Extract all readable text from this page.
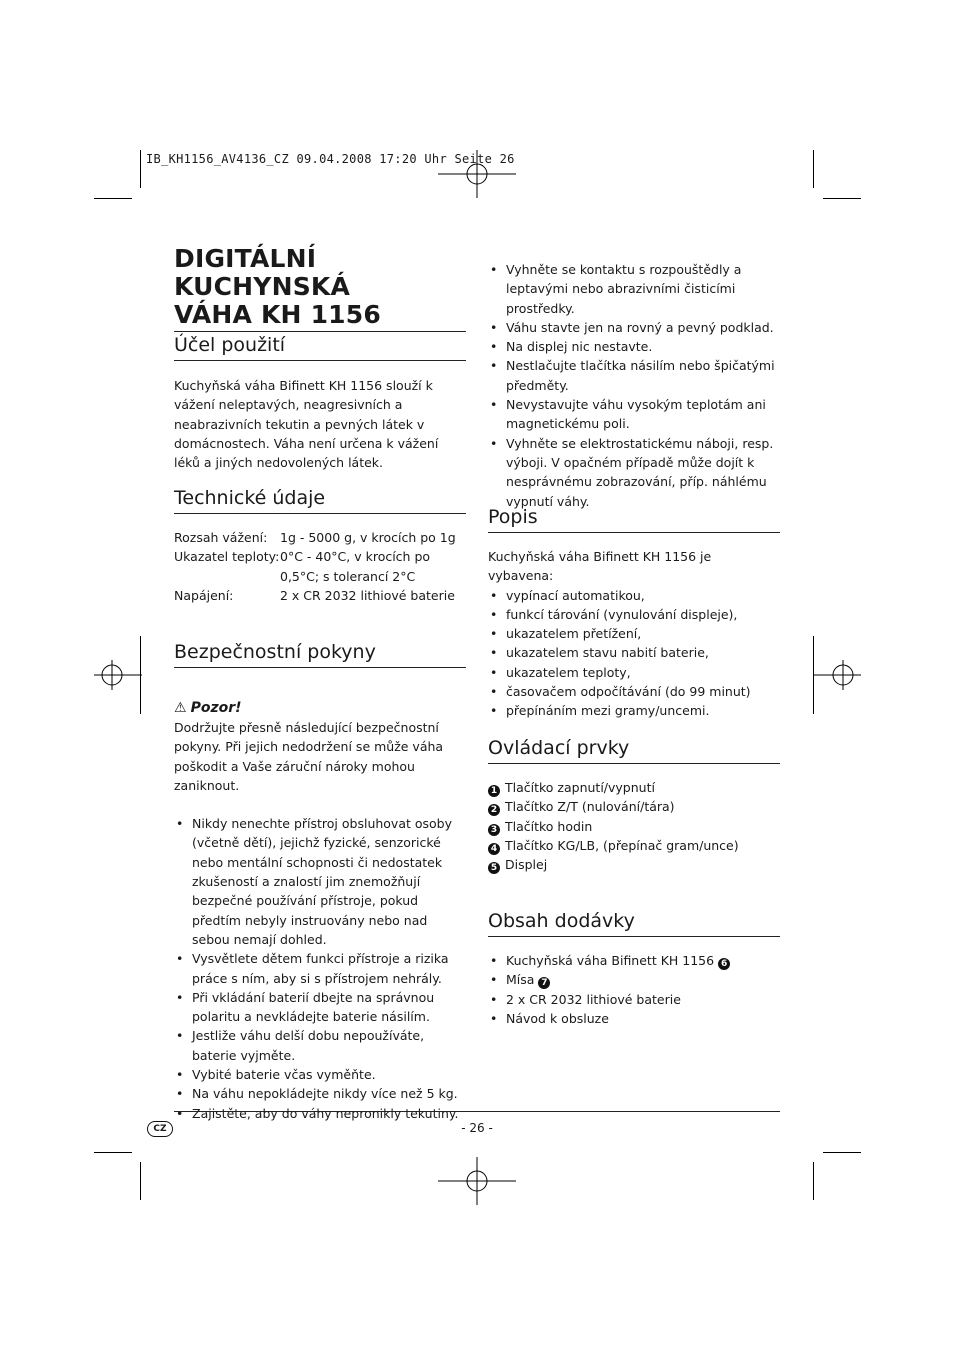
IB_KH1156_AV4136_CZ 09.04.2008 17:20 Uhr Seite 26
DIGITÁLNÍ KUCHYNSKÁ
VÁHA KH 1156
Účel použití

Kuchyňská váha Bifinett KH 1156 slouží k vážení neleptavých, neagresivních a neabrazivních tekutin a pevných látek v domácnostech. Váha není určena k vážení léků a jiných nedovolených látek.

Technické údaje
Rozsah vážení:	1g - 5000 g, v krocích po 1g
Ukazatel teploty: 0°C - 40°C, v krocích po 0,5°C; s tolerancí 2°C
Napájení:	2 x CR 2032 lithiové baterie
Bezpečnostní pokyny
⚠ Pozor!

Dodržujte přesně následující bezpečnostní pokyny. Při jejich nedodržení se může váha poškodit a Vaše záruční nároky mohou zaniknout.

• Nikdy nenechte přístroj obsluhovat osoby (včetně dětí), jejichž fyzické, senzorické nebo mentální schopnosti či nedostatek zkušeností a znalostí jim znemožňují bezpečné používání přístroje, pokud předtím nebyly instruovány nebo nad sebou nemají dohled.
• Vysvětlete dětem funkci přístroje a rizika práce s ním, aby si s přístrojem nehrály.
• Při vkládání baterií dbejte na správnou polaritu a nevkládejte baterie násilím.
• Jestliže váhu delší dobu nepoužíváte, baterie vyjměte.
• Vybité baterie včas vyměňte.
• Na váhu nepokládejte nikdy více než 5 kg.
• Zajistěte, aby do váhy nepronikly tekutiny.
• Vyhněte se kontaktu s rozpouštědly a leptavými nebo abrazivními čisticími prostředky.
• Váhu stavte jen na rovný a pevný podklad.
• Na displej nic nestavte.
• Nestlačujte tlačítka násilím nebo špičatými předměty.
• Nevystavujte váhu vysokým teplotám ani magnetickému poli.
• Vyhněte se elektrostatickému náboji, resp. výboji. V opačném případě může dojít k nesprávnému zobrazování, příp. náhlému vypnutí váhy.
Popis

Kuchyňská váha Bifinett KH 1156 je vybavena:

• vypínací automatikou,
• funkcí tárování (vynulování displeje),
• ukazatelem přetížení,
• ukazatelem stavu nabití baterie,
• ukazatelem teploty,
• časovačem odpočítávání (do 99 minut)
• přepínáním mezi gramy/uncemi.
Ovládací prvky
1 Tlačítko zapnutí/vypnutí
2 Tlačítko Z/T (nulování/tára)
3 Tlačítko hodin
4 Tlačítko KG/LB, (přepínač gram/unce)
5 Displej
Obsah dodávky
• Kuchyňská váha Bifinett KH 1156 6
• Mísa 7
• 2 x CR 2032 lithiové baterie
• Návod k obsluze
CZ	- 26 -
